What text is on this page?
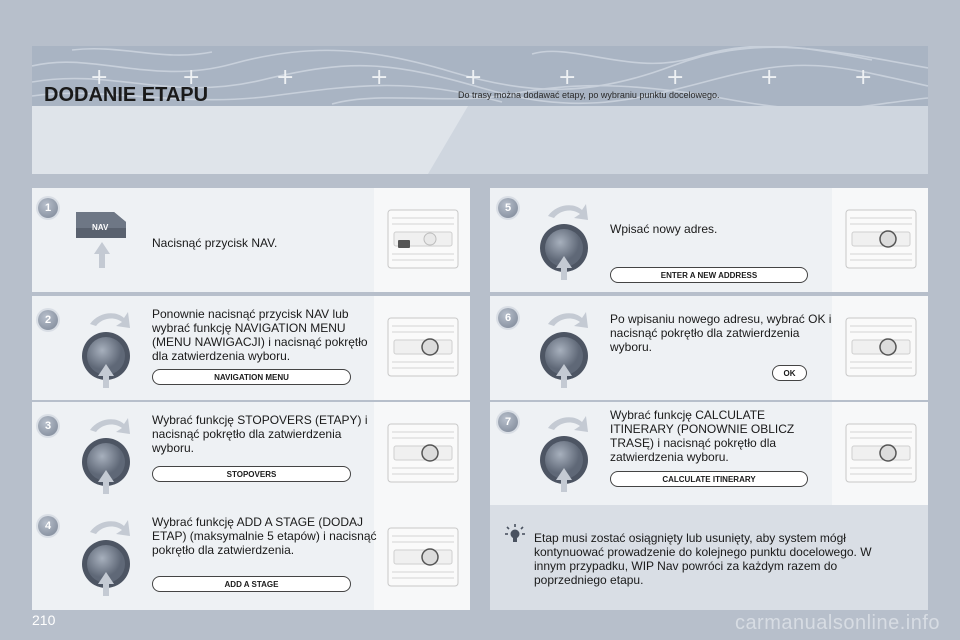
+	+	+	+	+	+	+	+	+
DODANIE ETAPU	Do trasy można dodawać etapy, po wybraniu punktu docelowego.
1
NAV
Nacisnąć przycisk NAV.
2	Ponownie nacisnąć przycisk NAV lub wybrać funkcję NAVIGATION MENU (MENU NAWIGACJI) i nacisnąć pokrętło dla zatwierdzenia wyboru.
NAVIGATION MENU
3	Wybrać funkcję STOPOVERS (ETAPY) i nacisnąć pokrętło dla zatwierdzenia wyboru.
STOPOVERS
4	Wybrać funkcję ADD A STAGE (DODAJ ETAP) (maksymalnie 5 etapów) i nacisnąć pokrętło dla zatwierdzenia.
ADD A STAGE
5
Wpisać nowy adres.
ENTER A NEW ADDRESS
6	Po wpisaniu nowego adresu, wybrać OK i nacisnąć pokrętło dla zatwierdzenia wyboru.
OK
7	Wybrać funkcję CALCULATE ITINERARY (PONOWNIE OBLICZ TRASĘ) i nacisnąć pokrętło dla zatwierdzenia wyboru.
CALCULATE ITINERARY
Etap musi zostać osiągnięty lub usunięty, aby system mógł kontynuować prowadzenie do kolejnego punktu docelowego. W innym przypadku, WIP Nav powróci za każdym razem do poprzedniego etapu.
210	carmanualsonline.info
